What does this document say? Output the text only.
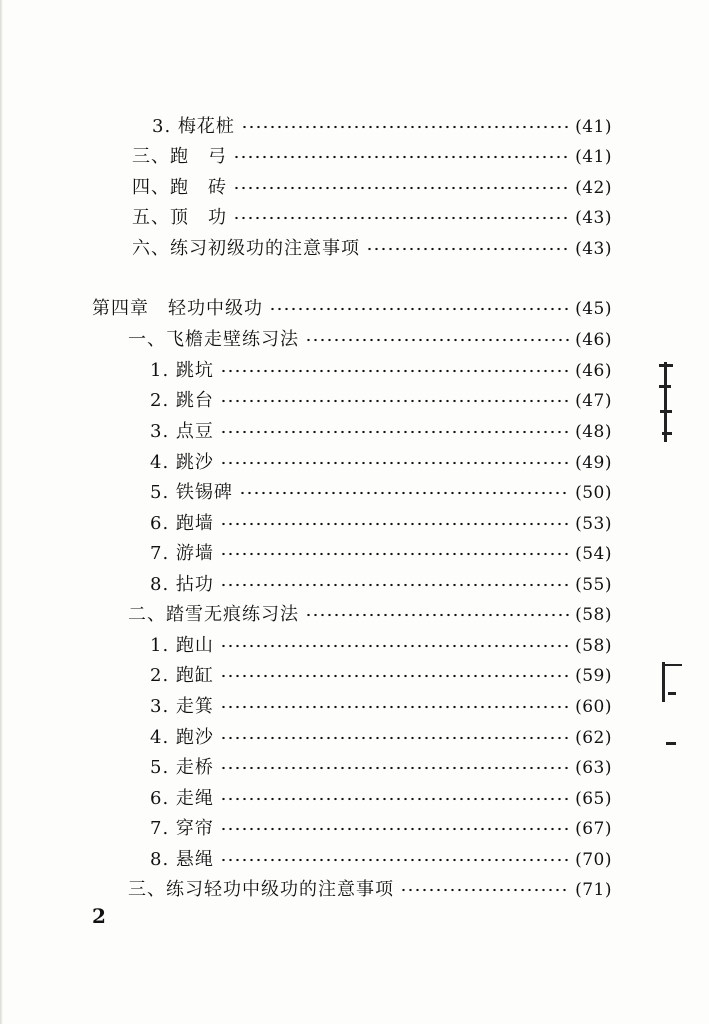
3. 梅花桩	(41)
三、跑　弓	(41)
四、跑　砖	(42)
五、顶　功	(43)
六、练习初级功的注意事项	(43)
第四章　轻功中级功	(45)
一、飞檐走壁练习法	(46)
1. 跳坑	(46)
2. 跳台	(47)
3. 点豆	(48)
4. 跳沙	(49)
5. 铁锡碑	(50)
6. 跑墙	(53)
7. 游墙	(54)
8. 拈功	(55)
二、踏雪无痕练习法	(58)
1. 跑山	(58)
2. 跑缸	(59)
3. 走箕	(60)
4. 跑沙	(62)
5. 走桥	(63)
6. 走绳	(65)
7. 穿帘	(67)
8. 悬绳	(70)
三、练习轻功中级功的注意事项	(71)
2
